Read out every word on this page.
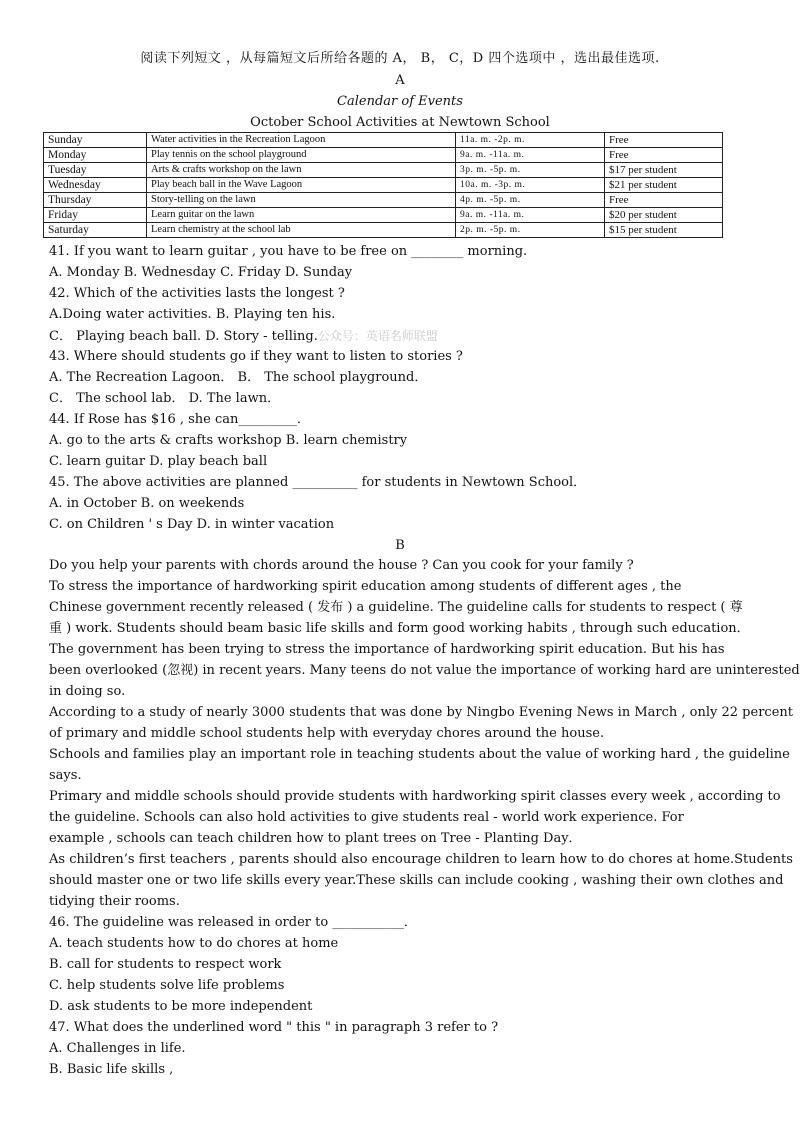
阅读下列短文 ，从每篇短文后所给各题的 A， B， C，D 四个选项中 ，选出最佳选项.
A
Calendar of Events
October School Activities at Newtown School
Sunday	Water activities in the Recreation Lagoon	11a. m. -2p. m.	Free
Monday	Play tennis on the school playground	9a. m. -11a. m.	Free
Tuesday	Arts & crafts workshop on the lawn	3p. m. -5p. m.	$17 per student
Wednesday	Play beach ball in the Wave Lagoon	10a. m. -3p. m.	$21 per student
Thursday	Story-telling on the lawn	4p. m. -5p. m.	Free
Friday	Learn guitar on the lawn	9a. m. -11a. m.	$20 per student
Saturday	Learn chemistry at the school lab	2p. m. -5p. m.	$15 per student
41. If you want to learn guitar , you have to be free on ________ morning.
A. Monday B. Wednesday C. Friday D. Sunday
42. Which of the activities lasts the longest ?
A.Doing water activities. B. Playing ten his.
C． Playing beach ball. D. Story - telling.公众号：英语名师联盟
43. Where should students go if they want to listen to stories ?
A. The Recreation Lagoon． B． The school playground．
C． The school lab． D. The lawn．
44. If Rose has $16 , she can_________．
A. go to the arts & crafts workshop B. learn chemistry
C. learn guitar D. play beach ball
45. The above activities are planned __________ for students in Newtown School．
A. in October B. on weekends
C. on Children ' s Day D. in winter vacation
B
Do you help your parents with chords around the house ? Can you cook for your family ?
To stress the importance of hardworking spirit education among students of different ages , the
Chinese government recently released ( 发布 ) a guideline. The guideline calls for students to respect ( 尊
重 ) work. Students should beam basic life skills and form good working habits , through such education．
The government has been trying to stress the importance of hardworking spirit education. But his has
been overlooked (忽视) in recent years. Many teens do not value the importance of working hard are uninterested
in doing so.
According to a study of nearly 3000 students that was done by Ningbo Evening News in March , only 22 percent
of primary and middle school students help with everyday chores around the house.
Schools and families play an important role in teaching students about the value of working hard , the guideline
says.
Primary and middle schools should provide students with hardworking spirit classes every week , according to
the guideline. Schools can also hold activities to give students real - world work experience. For
example , schools can teach children how to plant trees on Tree - Planting Day．
As children’s first teachers , parents should also encourage children to learn how to do chores at home.Students
should master one or two life skills every year.These skills can include cooking , washing their own clothes and
tidying their rooms.
46. The guideline was released in order to ___________．
A. teach students how to do chores at home
B. call for students to respect work
C. help students solve life problems
D. ask students to be more independent
47. What does the underlined word " this " in paragraph 3 refer to ?
A. Challenges in life.
B. Basic life skills ,
